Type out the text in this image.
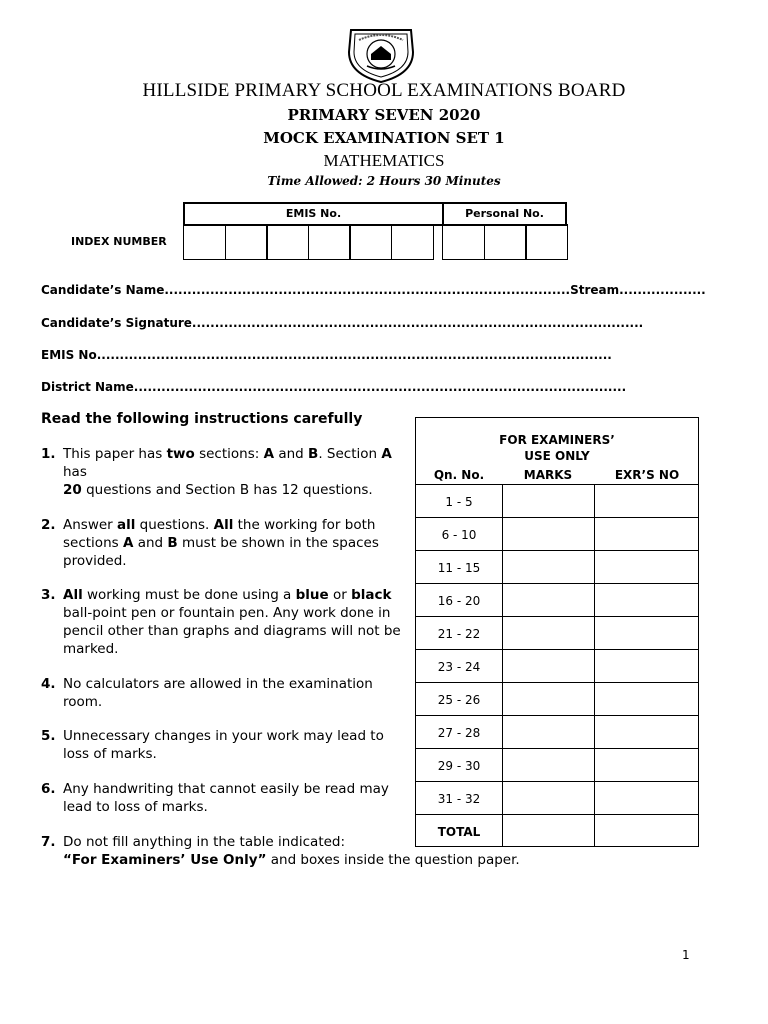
HILLSIDE PRIMARY SCHOOL EXAMINATIONS BOARD
PRIMARY SEVEN 2020
MOCK EXAMINATION SET 1
MATHEMATICS
Time Allowed: 2 Hours 30 Minutes
INDEX NUMBER
EMIS No.	Personal No.
Candidate’s Name.........................................................................................Stream...................
Candidate’s Signature...................................................................................................
EMIS No.................................................................................................................
District Name............................................................................................................
Read the following instructions carefully
1. This paper has two sections: A and B. Section A
has
20 questions and Section B has 12 questions.
2. Answer all questions. All the working for both sections A and B must be shown in the spaces provided.
3. All working must be done using a blue or black ball-point pen or fountain pen. Any work done in pencil other than graphs and diagrams will not be marked.
4. No calculators are allowed in the examination room.
5. Unnecessary changes in your work may lead to loss of marks.
6. Any handwriting that cannot easily be read may lead to loss of marks.
7. Do not fill anything in the table indicated:
“For Examiners’ Use Only” and boxes inside the question paper.
FOR EXAMINERS’
USE ONLY
Qn. No.	MARKS	EXR’S NO
1 - 5
6 - 10
11 - 15
16 - 20
21 - 22
23 - 24
25 - 26
27 - 28
29 - 30
31 - 32
TOTAL
1
